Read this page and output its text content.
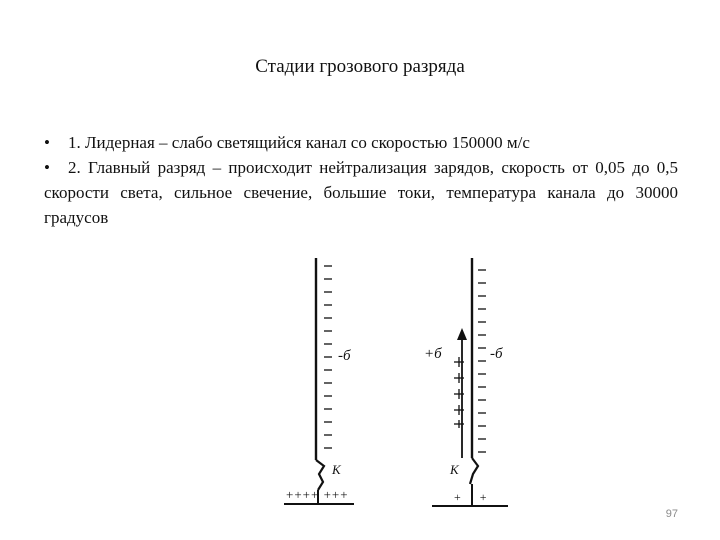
Стадии грозового разряда

• 1. Лидерная – слабо светящийся канал со скоростью 150000 м/с

• 2. Главный разряд – происходит нейтрализация зарядов, скорость от 0,05 до 0,5 скорости света, сильное свечение, большие токи, температура канала до 30000 градусов

-б
K
++++ +++
+б	-б
K
+ +
97
